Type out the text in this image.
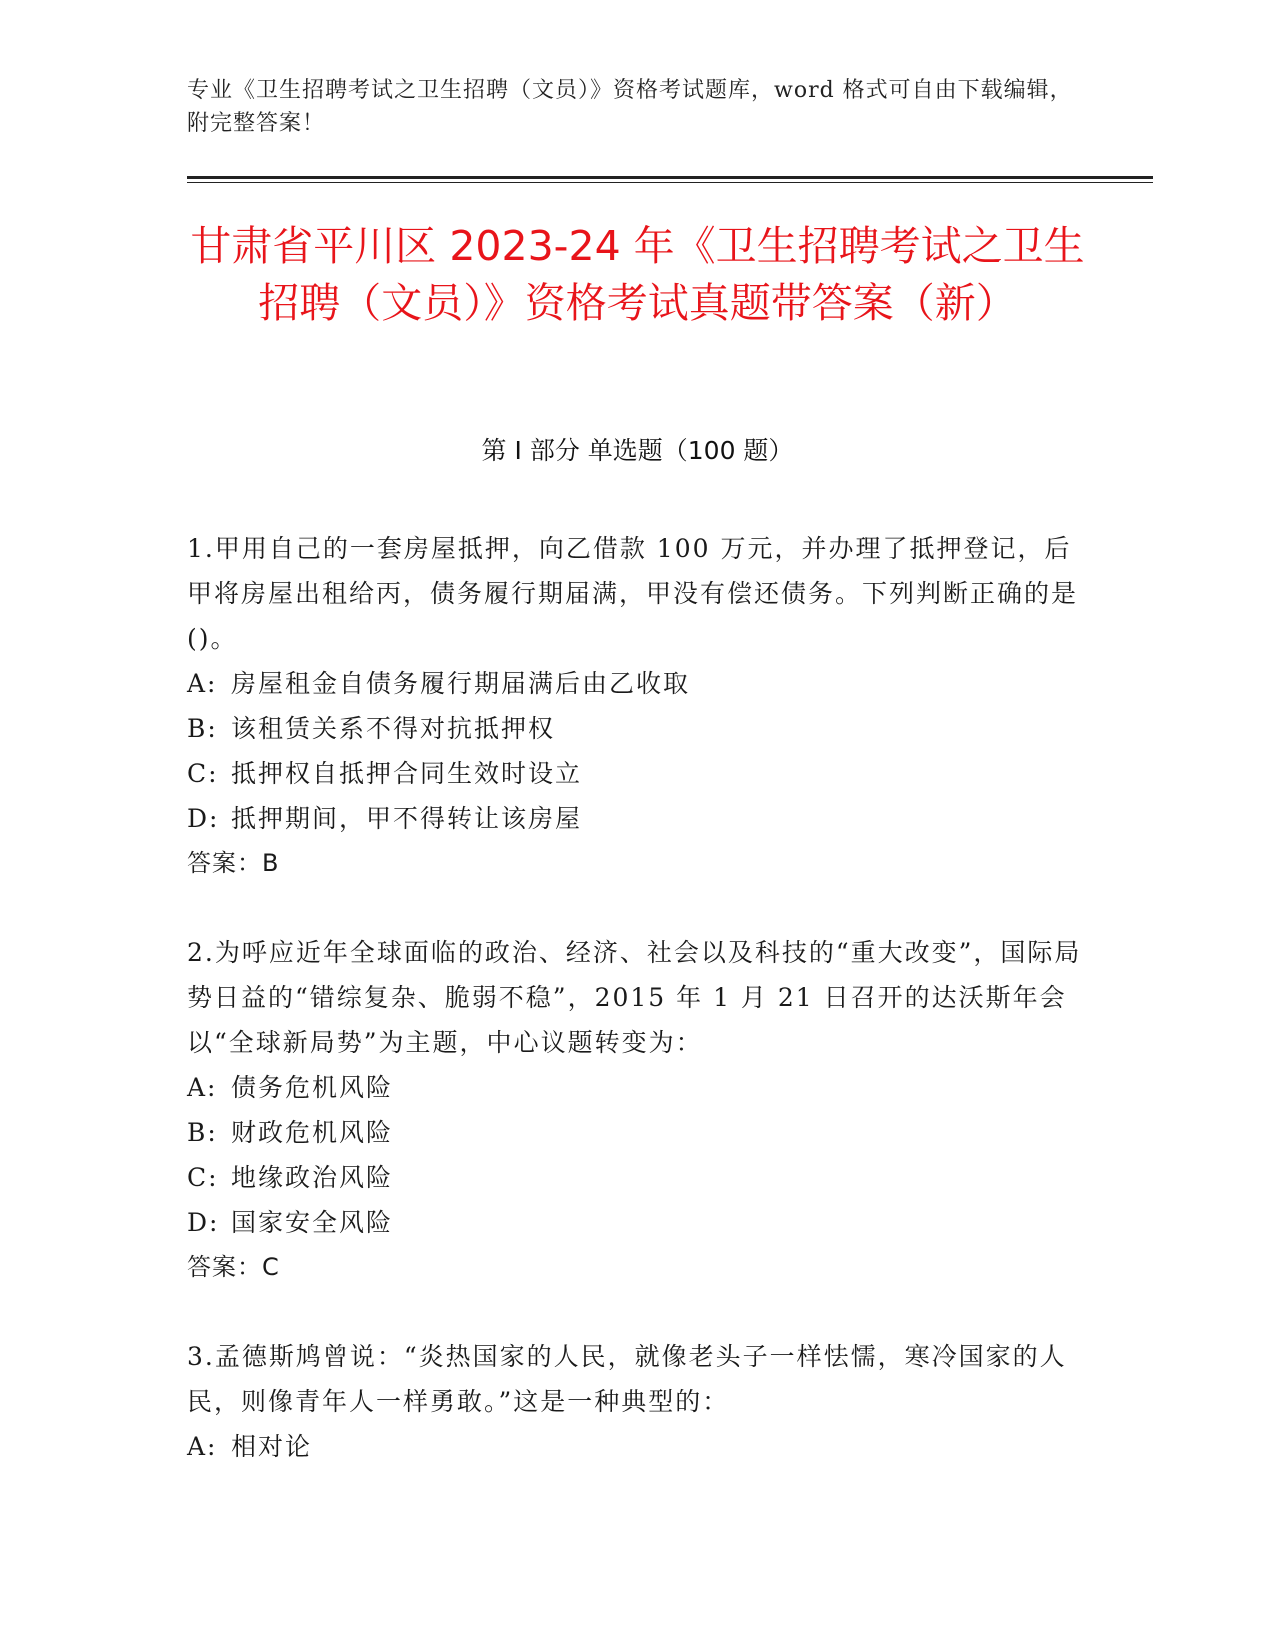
专业《卫生招聘考试之卫生招聘（文员）》资格考试题库，word 格式可自由下载编辑，附完整答案！
甘肃省平川区 2023-24 年《卫生招聘考试之卫生招聘（文员）》资格考试真题带答案（新）
第 I 部分 单选题（100 题）
1.甲用自己的一套房屋抵押，向乙借款 100 万元，并办理了抵押登记，后甲将房屋出租给丙，债务履行期届满，甲没有偿还债务。下列判断正确的是()。
A: 房屋租金自债务履行期届满后由乙收取
B: 该租赁关系不得对抗抵押权
C: 抵押权自抵押合同生效时设立
D: 抵押期间，甲不得转让该房屋
答案：B
2.为呼应近年全球面临的政治、经济、社会以及科技的“重大改变”，国际局势日益的“错综复杂、脆弱不稳”，2015 年 1 月 21 日召开的达沃斯年会以“全球新局势”为主题，中心议题转变为：
A: 债务危机风险
B: 财政危机风险
C: 地缘政治风险
D: 国家安全风险
答案：C
3.孟德斯鸠曾说：“炎热国家的人民，就像老头子一样怯懦，寒冷国家的人民，则像青年人一样勇敢。”这是一种典型的：
A: 相对论
